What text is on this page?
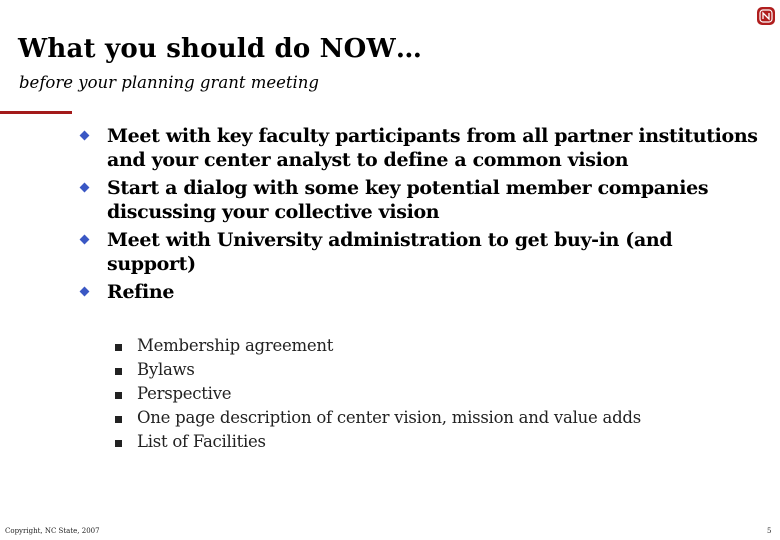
What you should do NOW…

before your planning grant meeting

Meet with key faculty participants from all partner institutions and your center analyst to define a common vision
Start a dialog with some key potential member companies discussing your collective vision
Meet with University administration to get buy-in (and support)
Refine
Membership agreement
Bylaws
Perspective
One page description of center vision, mission and value adds
List of Facilities
Copyright, NC State, 2007	5
